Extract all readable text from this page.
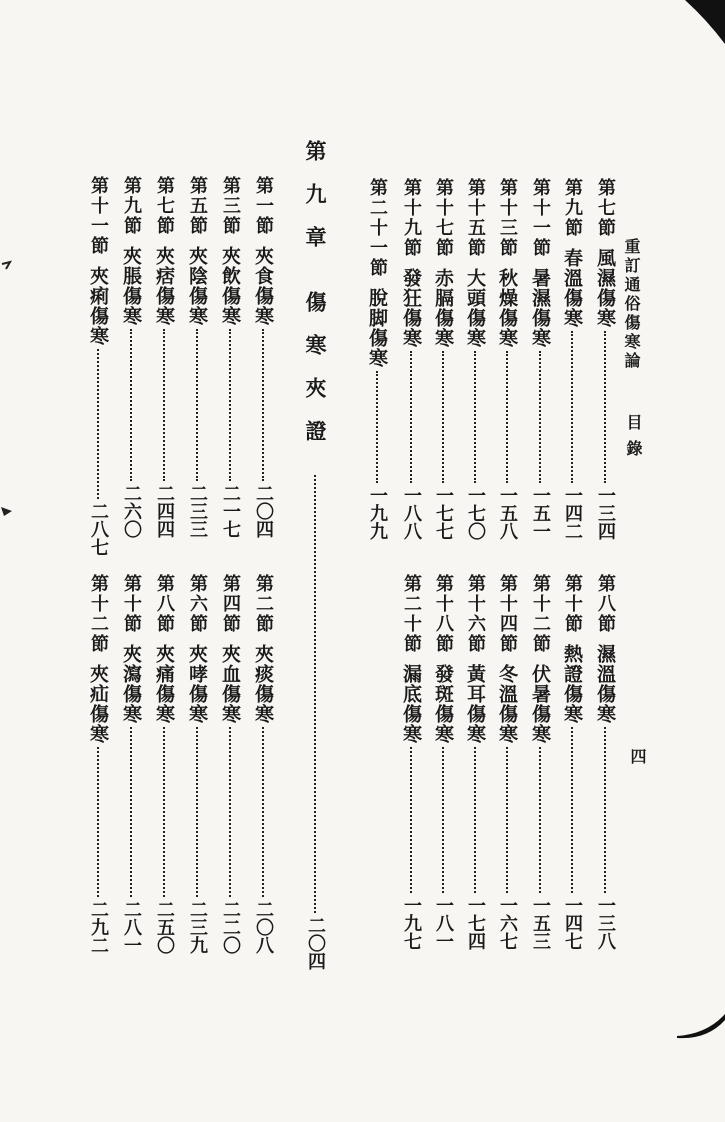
重訂通俗傷寒論
目錄
四
第七節
風濕傷寒
一三四
第九節
春溫傷寒
一四二
第十一節
暑濕傷寒
一五一
第十三節
秋燥傷寒
一五八
第十五節
大頭傷寒
一七〇
第十七節
赤膈傷寒
一七七
第十九節
發狂傷寒
一八八
第二十一節
脫脚傷寒
一九九
第八節
濕溫傷寒
一三八
第十節
熱證傷寒
一四七
第十二節
伏暑傷寒
一五三
第十四節
冬溫傷寒
一六七
第十六節
黃耳傷寒
一七四
第十八節
發斑傷寒
一八一
第二十節
漏底傷寒
一九七
第九章
傷寒夾證
二〇四
第一節
夾食傷寒
二〇四
第三節
夾飲傷寒
二一七
第五節
夾陰傷寒
二三三
第七節
夾痞傷寒
二四四
第九節
夾脹傷寒
二六〇
第十一節
夾痢傷寒
二八七
第二節
夾痰傷寒
二〇八
第四節
夾血傷寒
二二〇
第六節
夾哮傷寒
二三九
第八節
夾痛傷寒
二五〇
第十節
夾瀉傷寒
二八一
第十二節
夾疝傷寒
二九二
